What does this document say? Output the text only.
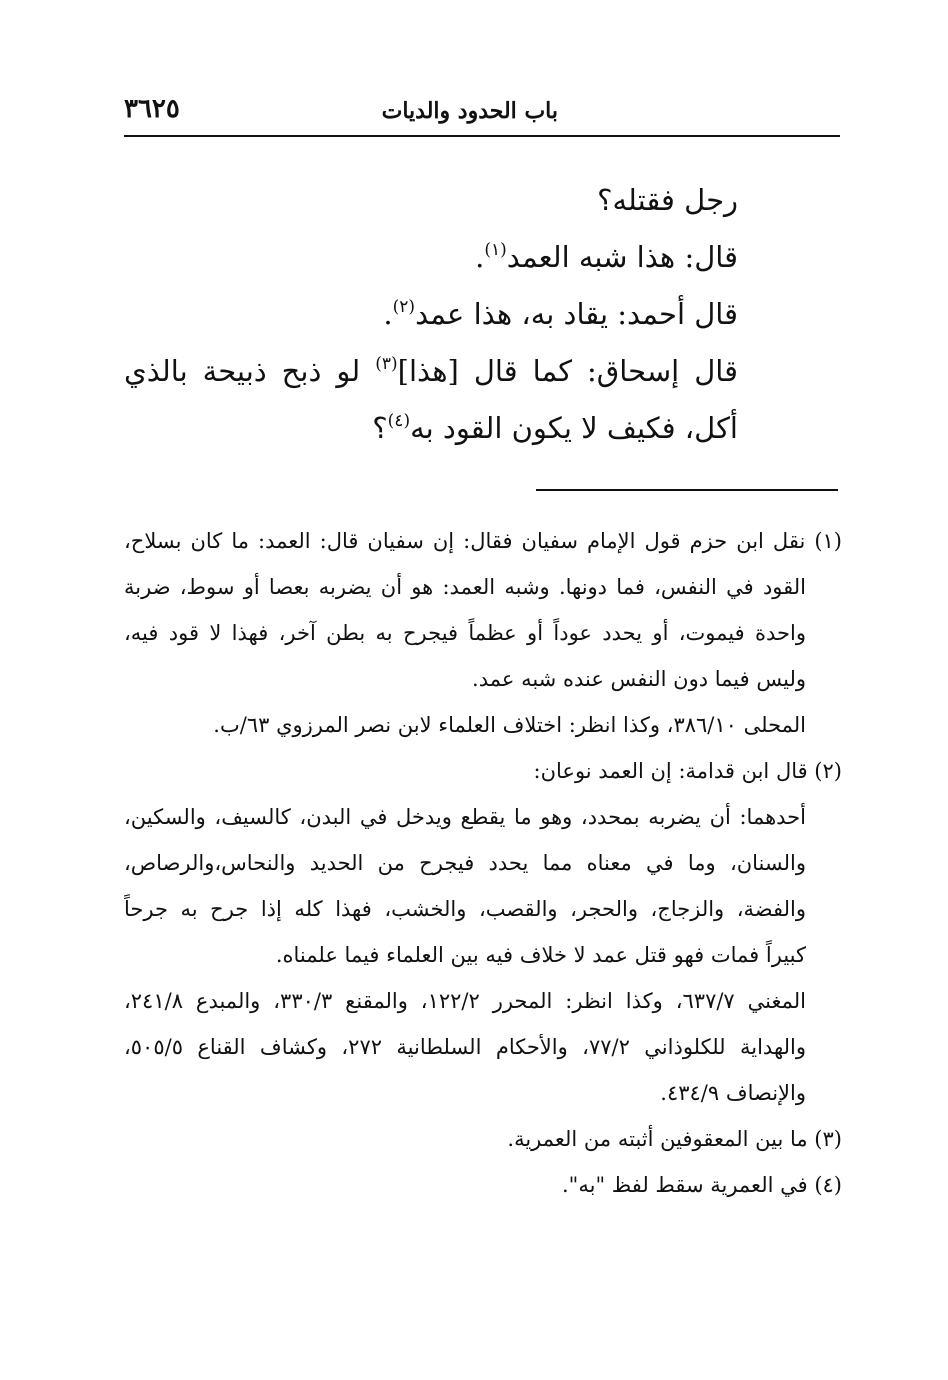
باب الحدود والديات
٣٦٢٥
رجل فقتله؟
قال: هذا شبه العمد$^{(١)}$.
قال أحمد: يقاد به، هذا عمد$^{(٢)}$.
قال إسحاق: كما قال [هذا]$^{(٣)}$ لو ذبح ذبيحة بالذي
أكل، فكيف لا يكون القود به$^{(٤)}$؟
(١) نقل ابن حزم قول الإمام سفيان فقال: إن سفيان قال: العمد: ما كان بسلاح،
القود في النفس، فما دونها. وشبه العمد: هو أن يضربه بعصا أو سوط، ضربة
واحدة فيموت، أو يحدد عوداً أو عظماً فيجرح به بطن آخر، فهذا لا قود فيه،
وليس فيما دون النفس عنده شبه عمد.
المحلى ٣٨٦/١٠، وكذا انظر: اختلاف العلماء لابن نصر المرزوي ٦٣/ب.
(٢) قال ابن قدامة: إن العمد نوعان:
أحدهما: أن يضربه بمحدد، وهو ما يقطع ويدخل في البدن، كالسيف، والسكين،
والسنان، وما في معناه مما يحدد فيجرح من الحديد والنحاس،والرصاص،
والفضة، والزجاج، والحجر، والقصب، والخشب، فهذا كله إذا جرح به جرحاً
كبيراً فمات فهو قتل عمد لا خلاف فيه بين العلماء فيما علمناه.
المغني ٦٣٧/٧، وكذا انظر: المحرر ١٢٢/٢، والمقنع ٣٣٠/٣، والمبدع ٢٤١/٨،
والهداية للكلوذاني ٧٧/٢، والأحكام السلطانية ٢٧٢، وكشاف القناع ٥٠٥/٥،
والإنصاف ٤٣٤/٩.
(٣) ما بين المعقوفين أثبته من العمرية.
(٤) في العمرية سقط لفظ "به".
